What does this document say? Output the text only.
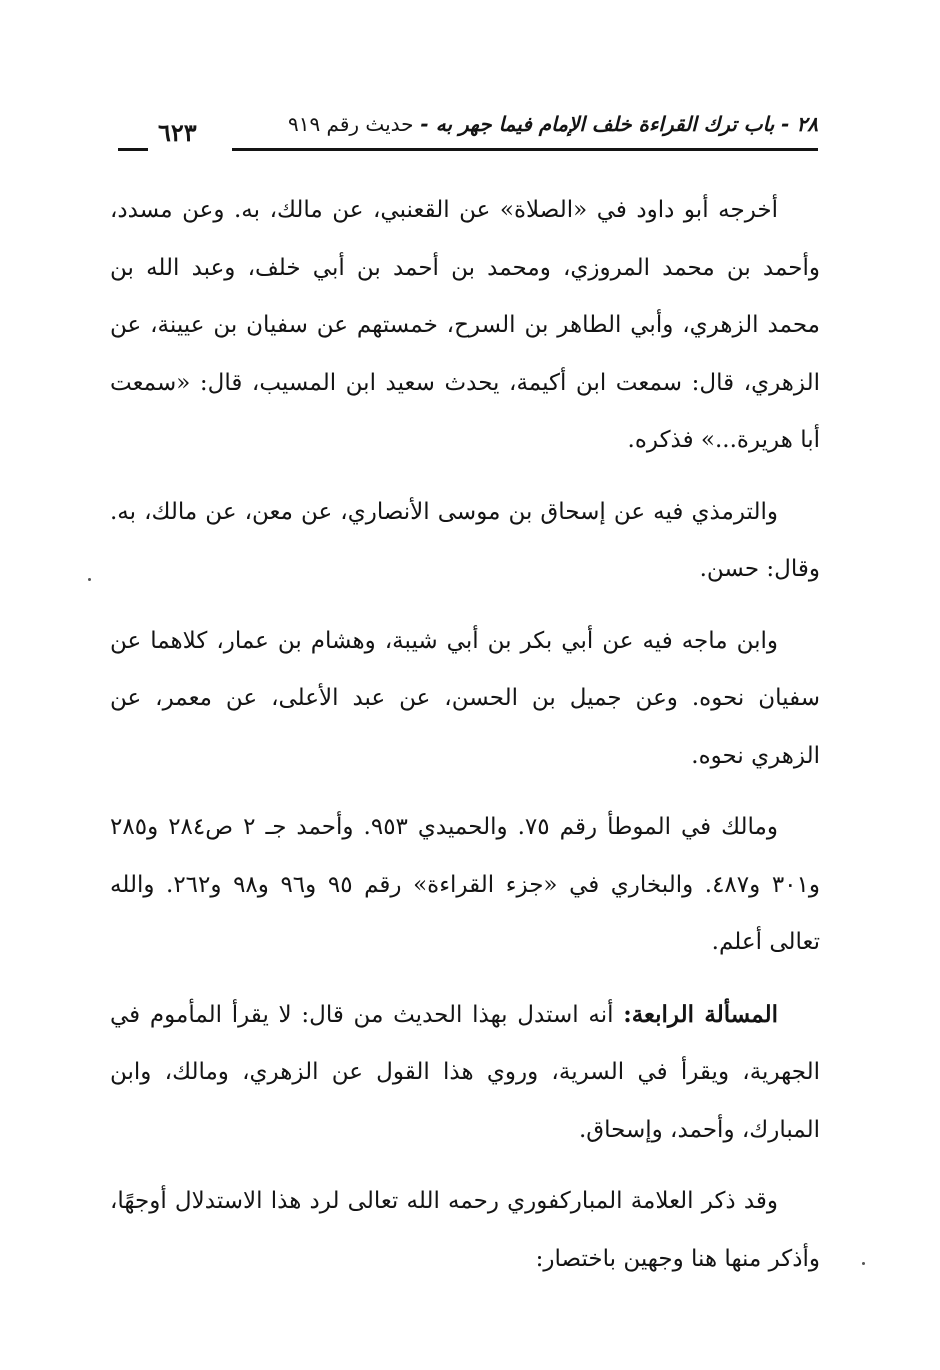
٢٨ - باب ترك القراءة خلف الإمام فيما جهر به - حديث رقم ٩١٩
٦٢٣

أخرجه أبو داود في «الصلاة» عن القعنبي، عن مالك، به. وعن مسدد، وأحمد بن محمد المروزي، ومحمد بن أحمد بن أبي خلف، وعبد الله بن محمد الزهري، وأبي الطاهر بن السرح، خمستهم عن سفيان بن عيينة، عن الزهري، قال: سمعت ابن أكيمة، يحدث سعيد ابن المسيب، قال: «سمعت أبا هريرة...» فذكره.

والترمذي فيه عن إسحاق بن موسى الأنصاري، عن معن، عن مالك، به. وقال: حسن.

وابن ماجه فيه عن أبي بكر بن أبي شيبة، وهشام بن عمار، كلاهما عن سفيان نحوه. وعن جميل بن الحسن، عن عبد الأعلى، عن معمر، عن الزهري نحوه.

ومالك في الموطأ رقم ٧٥. والحميدي ٩٥٣. وأحمد جـ ٢ ص٢٨٤ و٢٨٥ و٣٠١ و٤٨٧. والبخاري في «جزء القراءة» رقم ٩٥ و٩٦ و٩٨ و٢٦٢. والله تعالى أعلم.

المسألة الرابعة: أنه استدل بهذا الحديث من قال: لا يقرأ المأموم في الجهرية، ويقرأ في السرية، وروي هذا القول عن الزهري، ومالك، وابن المبارك، وأحمد، وإسحاق.

وقد ذكر العلامة المباركفوري رحمه الله تعالى لرد هذا الاستدلال أوجهًا، وأذكر منها هنا وجهين باختصار:
